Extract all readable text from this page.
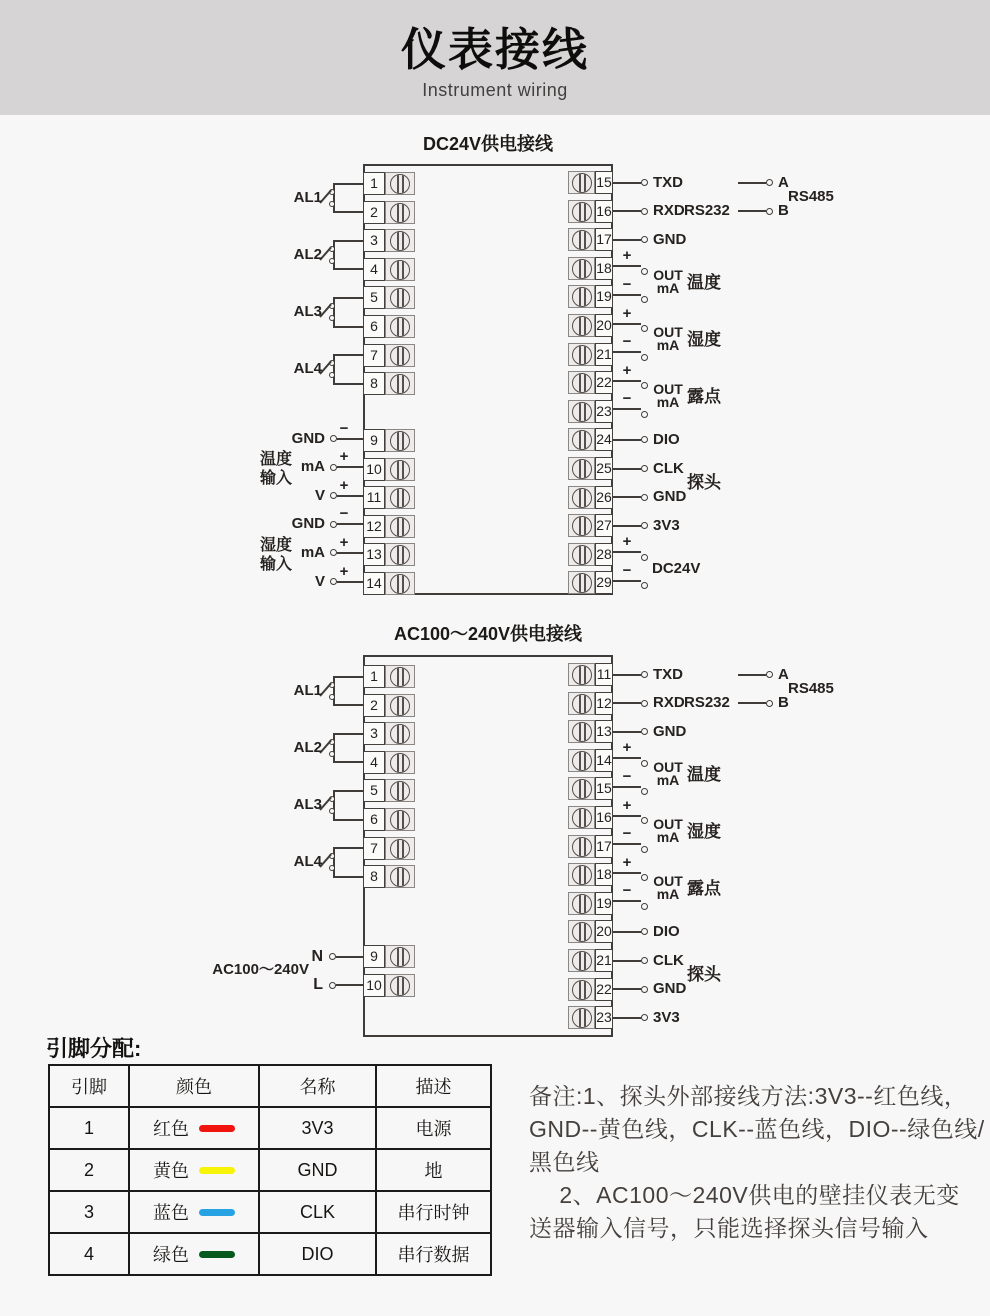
仪表接线
Instrument wiring
DC24V供电接线
1
2
3
4
5
6
7
8
9
10
11
12
13
14
15	TXD
16	RXD
17	GND
18
+
19
−
20
+
21
−
22
+
23
−
24	DIO
25	CLK
26	GND
27	3V3
28
+
29
−
RS232
A
B
RS485
OUT
mA 温度
OUT
mA 湿度
OUT
mA 露点
探头
DC24V
AL1
AL2
AL3
AL4
−
GND
+
mA
+
V
温度
输入
−
GND
+
mA
+
V
湿度
输入
AC100～240V供电接线
1
2
3
4
5
6
7
8
9
10
11	TXD
12	RXD
13	GND
14
+
15
−
16
+
17
−
18
+
19
−
20	DIO
21	CLK
22	GND
23	3V3
RS232
A
B
RS485
OUT
mA 温度
OUT
mA 湿度
OUT
mA 露点
探头
AL1
AL2
AL3
AL4
N
L
AC100～240V
引脚分配:
引脚	颜色	名称	描述
1	红色	3V3	电源
2	黄色	GND	地
3	蓝色	CLK	串行时钟
4	绿色	DIO	串行数据
备注:1、探头外部接线方法:3V3--红色线，
GND--黄色线，CLK--蓝色线，DIO--绿色线/
黑色线
　 2、AC100～240V供电的壁挂仪表无变
送器输入信号，只能选择探头信号输入
